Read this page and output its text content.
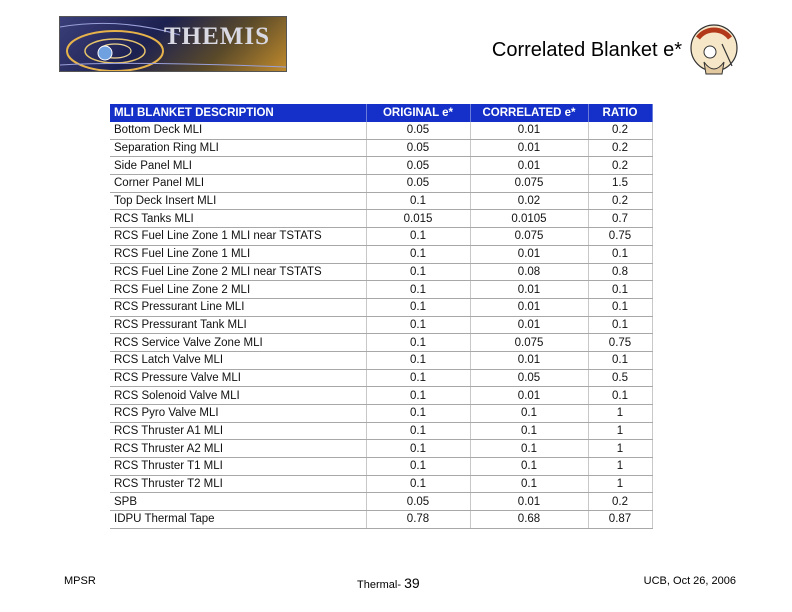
THEMIS	Correlated Blanket e*
MLI BLANKET DESCRIPTION	ORIGINAL e*	CORRELATED e*	RATIO
Bottom Deck MLI	0.05	0.01	0.2
Separation Ring MLI	0.05	0.01	0.2
Side Panel MLI	0.05	0.01	0.2
Corner Panel MLI	0.05	0.075	1.5
Top Deck Insert MLI	0.1	0.02	0.2
RCS Tanks MLI	0.015	0.0105	0.7
RCS Fuel Line Zone 1 MLI near TSTATS	0.1	0.075	0.75
RCS Fuel Line Zone 1 MLI	0.1	0.01	0.1
RCS Fuel Line Zone 2 MLI near TSTATS	0.1	0.08	0.8
RCS Fuel Line Zone 2 MLI	0.1	0.01	0.1
RCS Pressurant Line MLI	0.1	0.01	0.1
RCS Pressurant Tank MLI	0.1	0.01	0.1
RCS Service Valve Zone MLI	0.1	0.075	0.75
RCS Latch Valve MLI	0.1	0.01	0.1
RCS Pressure Valve MLI	0.1	0.05	0.5
RCS Solenoid Valve MLI	0.1	0.01	0.1
RCS Pyro Valve MLI	0.1	0.1	1
RCS Thruster A1 MLI	0.1	0.1	1
RCS Thruster A2 MLI	0.1	0.1	1
RCS Thruster T1 MLI	0.1	0.1	1
RCS Thruster T2 MLI	0.1	0.1	1
SPB	0.05	0.01	0.2
IDPU Thermal Tape	0.78	0.68	0.87
MPSR	Thermal- 39	UCB, Oct 26, 2006
